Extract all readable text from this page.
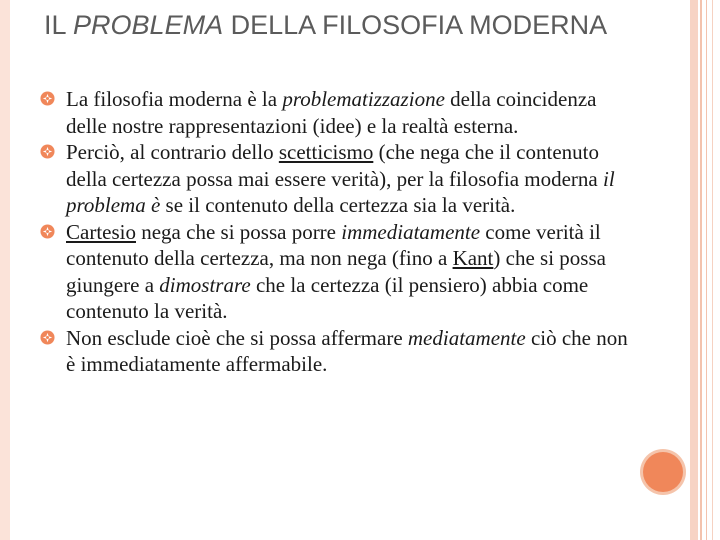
IL PROBLEMA DELLA FILOSOFIA MODERNA
La filosofia moderna è la problematizzazione della coincidenza delle nostre rappresentazioni (idee) e la realtà esterna.
Perciò, al contrario dello scetticismo (che nega che il contenuto della certezza possa mai essere verità), per la filosofia moderna il problema è se il contenuto della certezza sia la verità.
Cartesio nega che si possa porre immediatamente come verità il contenuto della certezza, ma non nega (fino a Kant) che si possa giungere a dimostrare che la certezza (il pensiero) abbia come contenuto la verità.
Non esclude cioè che si possa affermare mediatamente ciò che non è immediatamente affermabile.
